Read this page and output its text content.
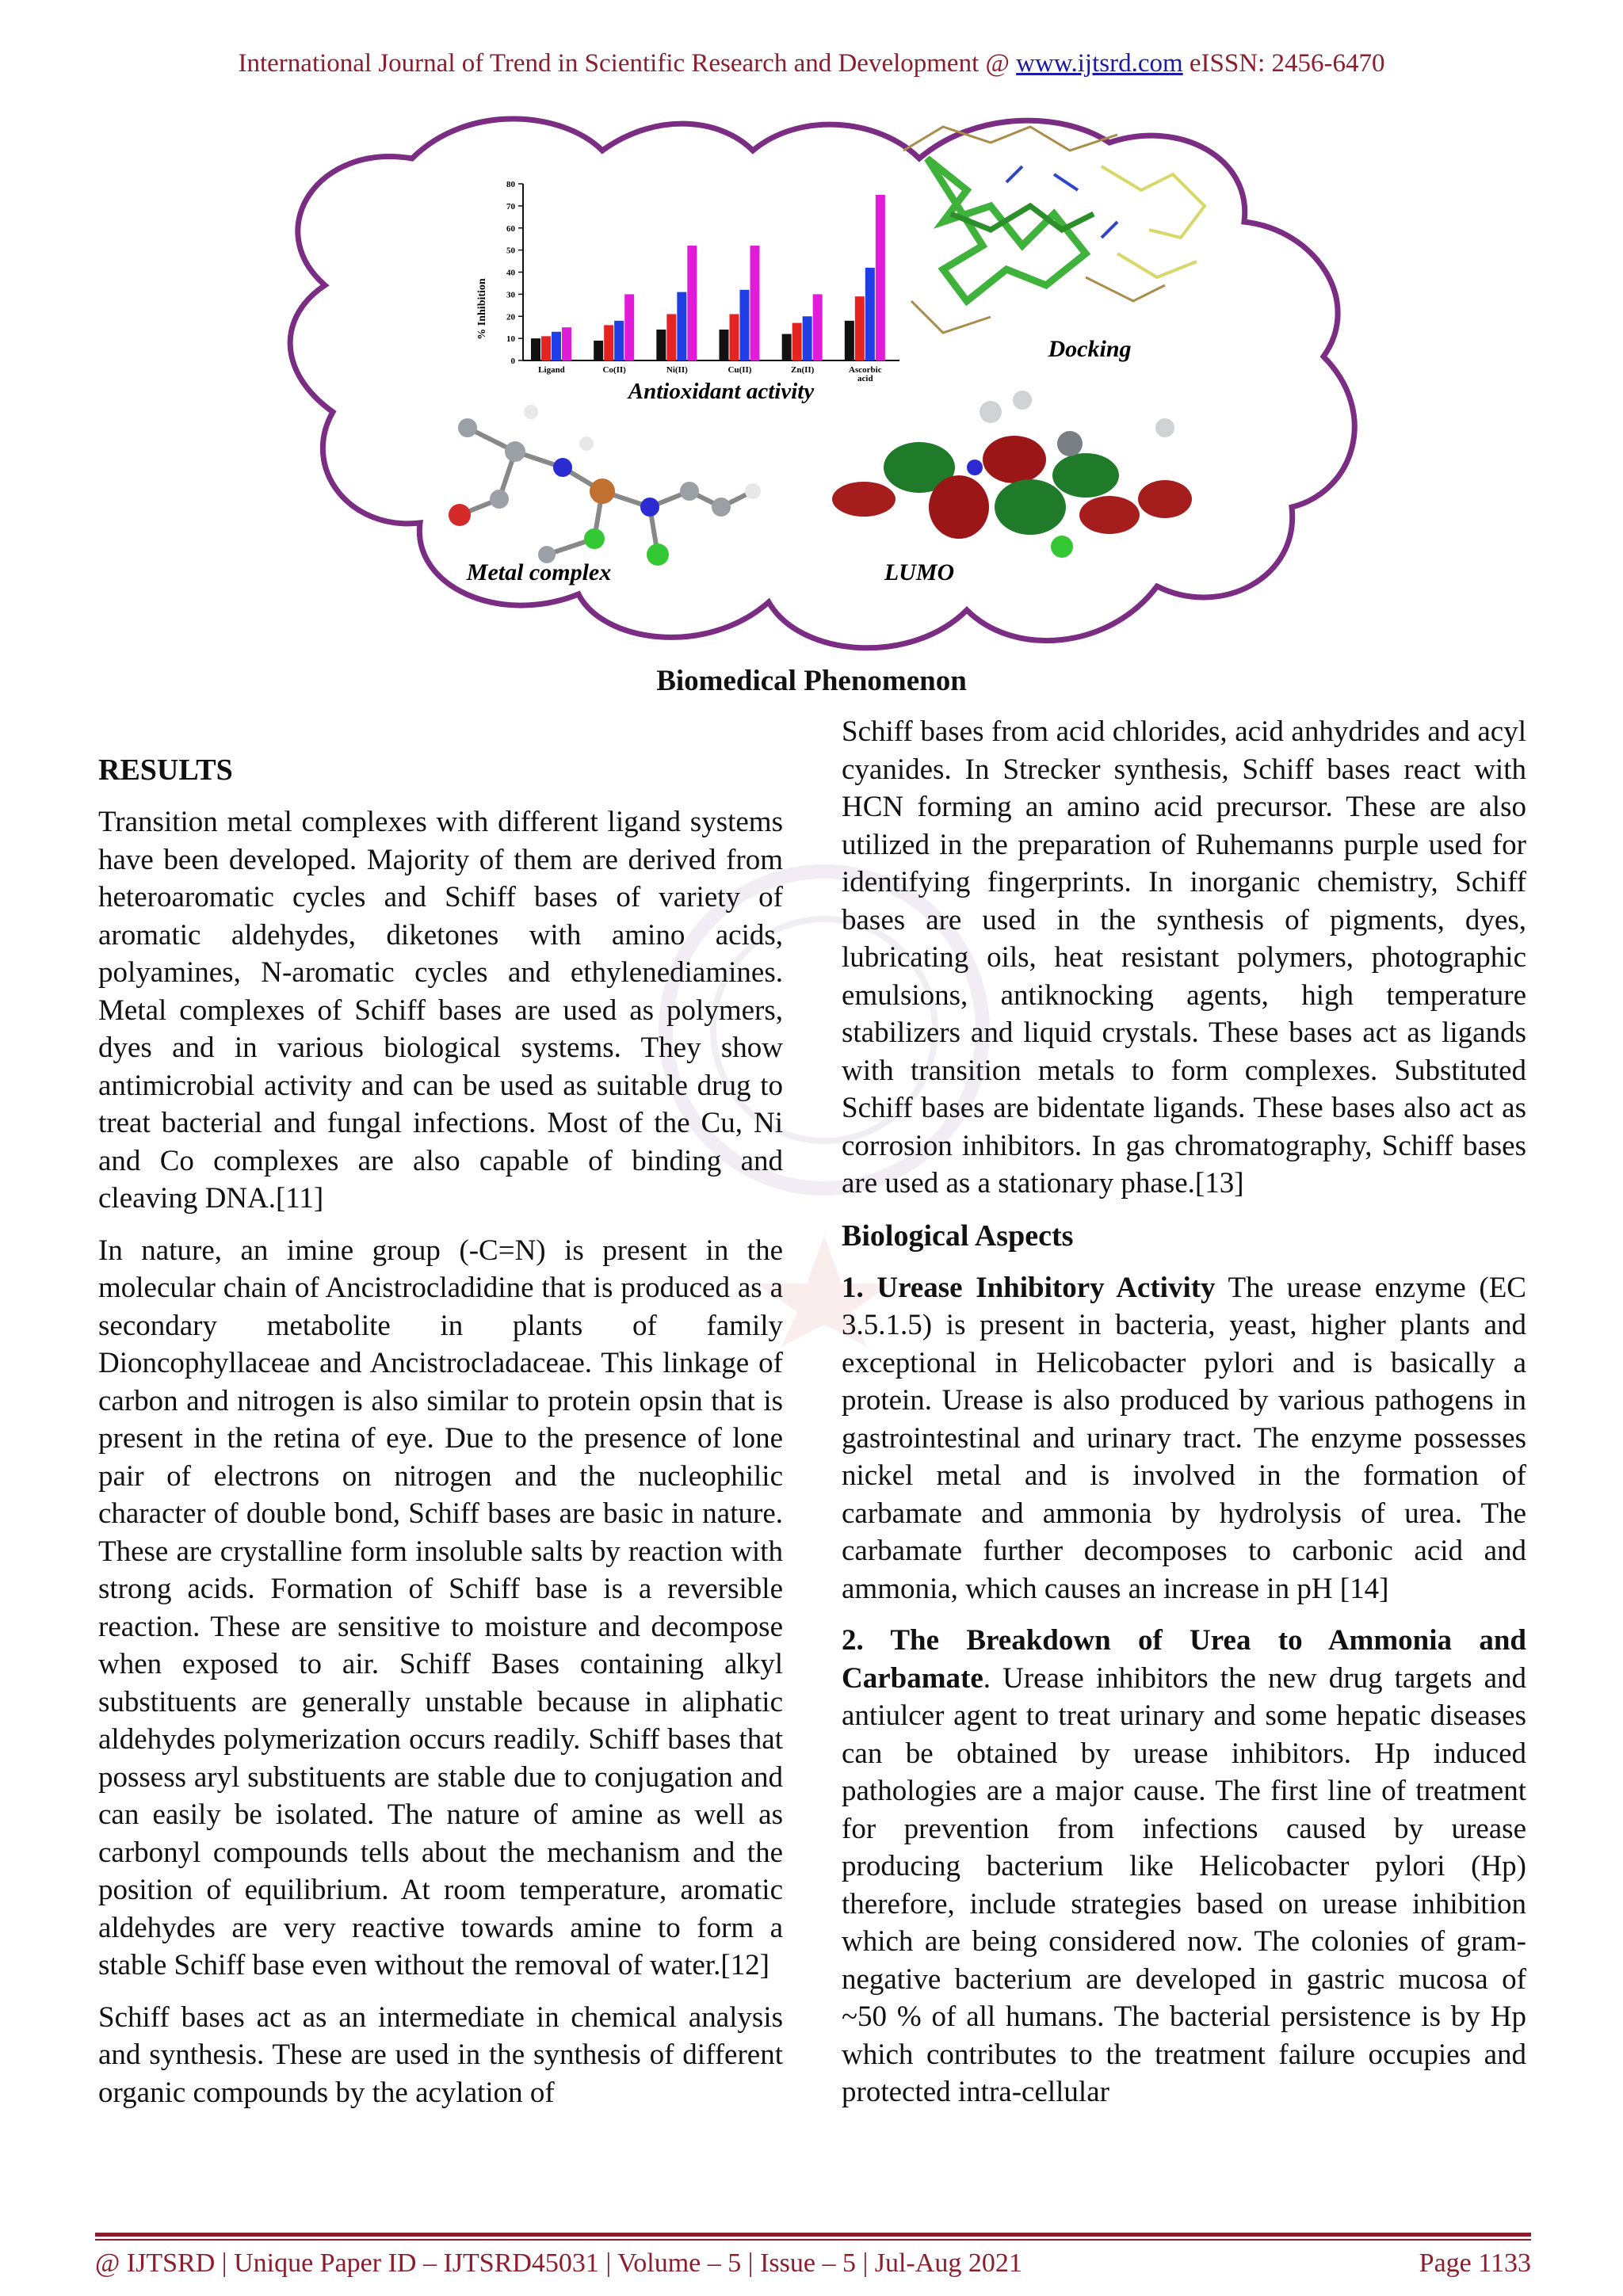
International Journal of Trend in Scientific Research and Development @ www.ijtsrd.com eISSN: 2456-6470
% Inhibition
0
10
20
30
40
50
60
70
80
Ligand	Co(II)	Ni(II)	Cu(II)	Zn(II)	Ascorbic acid
Antioxidant activity
Docking
Metal complex	LUMO
Biomedical Phenomenon

RESULTS

Transition metal complexes with different ligand systems have been developed. Majority of them are derived from heteroaromatic cycles and Schiff bases of variety of aromatic aldehydes, diketones with amino acids, polyamines, N-aromatic cycles and ethylenediamines. Metal complexes of Schiff bases are used as polymers, dyes and in various biological systems. They show antimicrobial activity and can be used as suitable drug to treat bacterial and fungal infections. Most of the Cu, Ni and Co complexes are also capable of binding and cleaving DNA.[11]

In nature, an imine group (-C=N) is present in the molecular chain of Ancistrocladidine that is produced as a secondary metabolite in plants of family Dioncophyllaceae and Ancistrocladaceae. This linkage of carbon and nitrogen is also similar to protein opsin that is present in the retina of eye. Due to the presence of lone pair of electrons on nitrogen and the nucleophilic character of double bond, Schiff bases are basic in nature. These are crystalline form insoluble salts by reaction with strong acids. Formation of Schiff base is a reversible reaction. These are sensitive to moisture and decompose when exposed to air. Schiff Bases containing alkyl substituents are generally unstable because in aliphatic aldehydes polymerization occurs readily. Schiff bases that possess aryl substituents are stable due to conjugation and can easily be isolated. The nature of amine as well as carbonyl compounds tells about the mechanism and the position of equilibrium. At room temperature, aromatic aldehydes are very reactive towards amine to form a stable Schiff base even without the removal of water.[12]

Schiff bases act as an intermediate in chemical analysis and synthesis. These are used in the synthesis of different organic compounds by the acylation of

Schiff bases from acid chlorides, acid anhydrides and acyl cyanides. In Strecker synthesis, Schiff bases react with HCN forming an amino acid precursor. These are also utilized in the preparation of Ruhemanns purple used for identifying fingerprints. In inorganic chemistry, Schiff bases are used in the synthesis of pigments, dyes, lubricating oils, heat resistant polymers, photographic emulsions, antiknocking agents, high temperature stabilizers and liquid crystals. These bases act as ligands with transition metals to form complexes. Substituted Schiff bases are bidentate ligands. These bases also act as corrosion inhibitors. In gas chromatography, Schiff bases are used as a stationary phase.[13]

Biological Aspects

1. Urease Inhibitory Activity The urease enzyme (EC 3.5.1.5) is present in bacteria, yeast, higher plants and exceptional in Helicobacter pylori and is basically a protein. Urease is also produced by various pathogens in gastrointestinal and urinary tract. The enzyme possesses nickel metal and is involved in the formation of carbamate and ammonia by hydrolysis of urea. The carbamate further decomposes to carbonic acid and ammonia, which causes an increase in pH [14]

2. The Breakdown of Urea to Ammonia and Carbamate. Urease inhibitors the new drug targets and antiulcer agent to treat urinary and some hepatic diseases can be obtained by urease inhibitors. Hp induced pathologies are a major cause. The first line of treatment for prevention from infections caused by urease producing bacterium like Helicobacter pylori (Hp) therefore, include strategies based on urease inhibition which are being considered now. The colonies of gram-negative bacterium are developed in gastric mucosa of ~50 % of all humans. The bacterial persistence is by Hp which contributes to the treatment failure occupies and protected intra-cellular

@ IJTSRD | Unique Paper ID – IJTSRD45031 | Volume – 5 | Issue – 5 | Jul-Aug 2021	Page 1133
